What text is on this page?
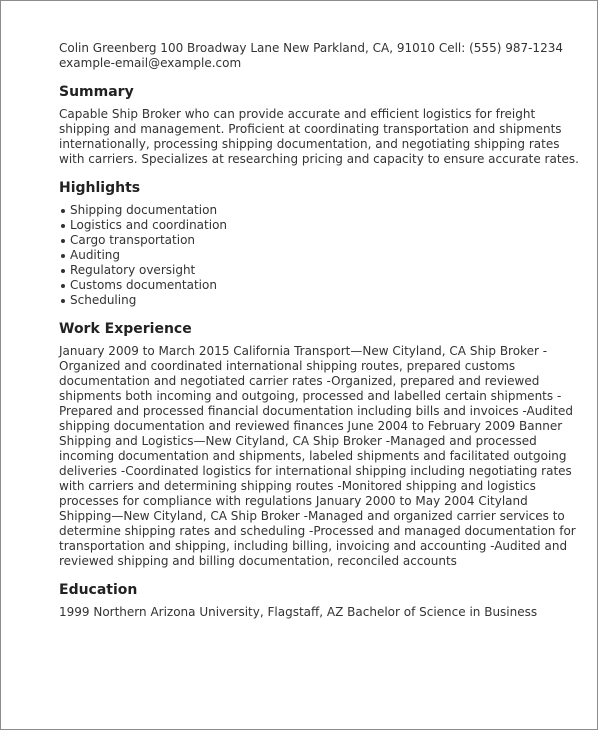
Colin Greenberg 100 Broadway Lane New Parkland, CA, 91010 Cell: (555) 987-1234 example-email@example.com

Summary

Capable Ship Broker who can provide accurate and efficient logistics for freight shipping and management. Proficient at coordinating transportation and shipments internationally, processing shipping documentation, and negotiating shipping rates with carriers. Specializes at researching pricing and capacity to ensure accurate rates.

Highlights
Shipping documentation
Logistics and coordination
Cargo transportation
Auditing
Regulatory oversight
Customs documentation
Scheduling
Work Experience

January 2009 to March 2015 California Transport—New Cityland, CA Ship Broker -Organized and coordinated international shipping routes, prepared customs documentation and negotiated carrier rates -Organized, prepared and reviewed shipments both incoming and outgoing, processed and labelled certain shipments -Prepared and processed financial documentation including bills and invoices -Audited shipping documentation and reviewed finances June 2004 to February 2009 Banner Shipping and Logistics—New Cityland, CA Ship Broker -Managed and processed incoming documentation and shipments, labeled shipments and facilitated outgoing deliveries -Coordinated logistics for international shipping including negotiating rates with carriers and determining shipping routes -Monitored shipping and logistics processes for compliance with regulations January 2000 to May 2004 Cityland Shipping—New Cityland, CA Ship Broker -Managed and organized carrier services to determine shipping rates and scheduling -Processed and managed documentation for transportation and shipping, including billing, invoicing and accounting -Audited and reviewed shipping and billing documentation, reconciled accounts

Education

1999 Northern Arizona University, Flagstaff, AZ Bachelor of Science in Business
